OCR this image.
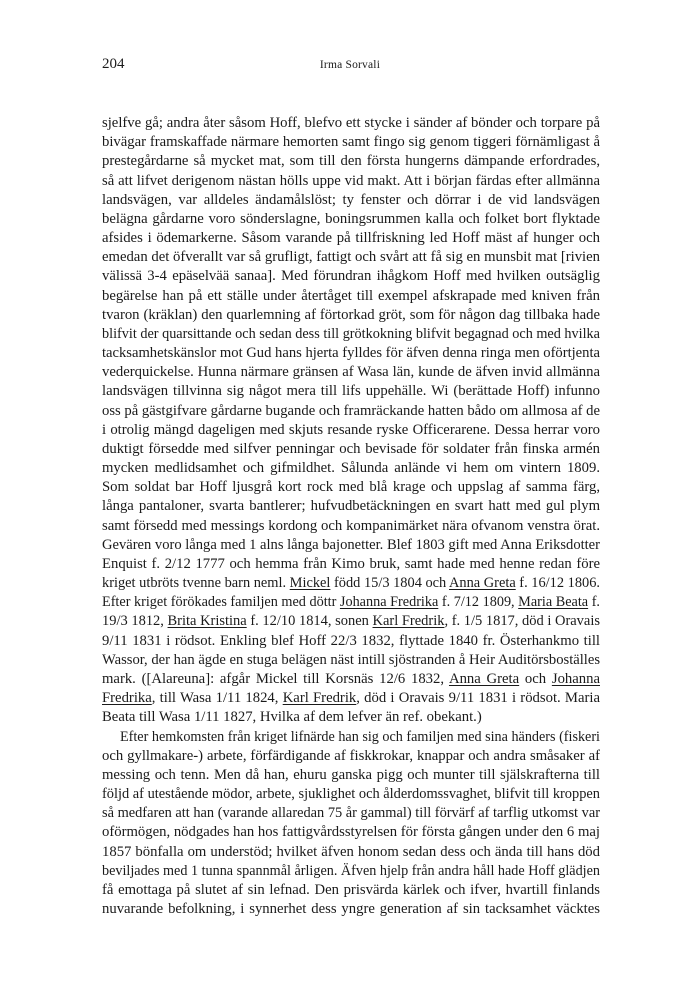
204	Irma Sorvali
sjelfve gå; andra åter såsom Hoff, blefvo ett stycke i sänder af bönder och torpare på
bivägar framskaffade närmare hemorten samt fingo sig genom tiggeri förnämligast å
prestegårdarne så mycket mat, som till den första hungerns dämpande erfordrades,
så att lifvet derigenom nästan hölls uppe vid makt. Att i början färdas efter allmänna
landsvägen, var alldeles ändamålslöst; ty fenster och dörrar i de vid landsvägen
belägna gårdarne voro sönderslagne, boningsrummen kalla och folket bort flyktade
afsides i ödemarkerne. Såsom varande på tillfriskning led Hoff mäst af hunger och
emedan det öfverallt var så grufligt, fattigt och svårt att få sig en munsbit mat [rivien
välissä 3-4 epäselvää sanaa]. Med förundran ihågkom Hoff med hvilken outsäglig
begärelse han på ett ställe under återtåget till exempel afskrapade med kniven från
tvaron (kräklan) den quarlemning af förtorkad gröt, som för någon dag tillbaka hade
blifvit der quarsittande och sedan dess till grötkokning blifvit begagnad och med hvilka
tacksamhetskänslor mot Gud hans hjerta fylldes för äfven denna ringa men oförtjenta
vederquickelse. Hunna närmare gränsen af Wasa län, kunde de äfven invid allmänna
landsvägen tillvinna sig något mera till lifs uppehälle. Wi (berättade Hoff) infunno
oss på gästgifvare gårdarne bugande och framräckande hatten bådo om allmosa af de
i otrolig mängd dageligen med skjuts resande ryske Officerarene. Dessa herrar voro
duktigt försedde med silfver penningar och bevisade för soldater från finska armén
mycken medlidsamhet och gifmildhet. Sålunda anlände vi hem om vintern 1809.
Som soldat bar Hoff ljusgrå kort rock med blå krage och uppslag af samma färg,
långa pantaloner, svarta bantlerer; hufvudbetäckningen en svart hatt med gul plym
samt försedd med messings kordong och kompanimärket nära ofvanom venstra örat.
Gevären voro långa med 1 alns långa bajonetter. Blef 1803 gift med Anna Eriksdotter
Enquist f. 2/12 1777 och hemma från Kimo bruk, samt hade med henne redan före
kriget utbröts tvenne barn neml. Mickel född 15/3 1804 och Anna Greta f. 16/12 1806.
Efter kriget förökades familjen med döttr Johanna Fredrika f. 7/12 1809, Maria Beata f.
19/3 1812, Brita Kristina f. 12/10 1814, sonen Karl Fredrik, f. 1/5 1817, död i Oravais
9/11 1831 i rödsot. Enkling blef Hoff 22/3 1832, flyttade 1840 fr. Österhankmo till
Wassor, der han ägde en stuga belägen näst intill sjöstranden å Heir Auditörsboställes
mark. ([Alareuna]: afgår Mickel till Korsnäs 12/6 1832, Anna Greta och Johanna
Fredrika, till Wasa 1/11 1824, Karl Fredrik, död i Oravais 9/11 1831 i rödsot. Maria
Beata till Wasa 1/11 1827, Hvilka af dem lefver än ref. obekant.)
Efter hemkomsten från kriget lifnärde han sig och familjen med sina händers (fiskeri
och gyllmakare-) arbete, förfärdigande af fiskkrokar, knappar och andra småsaker af
messing och tenn. Men då han, ehuru ganska pigg och munter till själskrafterna till
följd af utestående mödor, arbete, sjuklighet och ålderdomssvaghet, blifvit till kroppen
så medfaren att han (varande allaredan 75 år gammal) till förvärf af tarflig utkomst var
oförmögen, nödgades han hos fattigvårdsstyrelsen för första gången under den 6 maj
1857 bönfalla om understöd; hvilket äfven honom sedan dess och ända till hans död
beviljades med 1 tunna spannmål årligen. Äfven hjelp från andra håll hade Hoff glädjen
få emottaga på slutet af sin lefnad. Den prisvärda kärlek och ifver, hvartill finlands
nuvarande befolkning, i synnerhet dess yngre generation af sin tacksamhet väcktes
